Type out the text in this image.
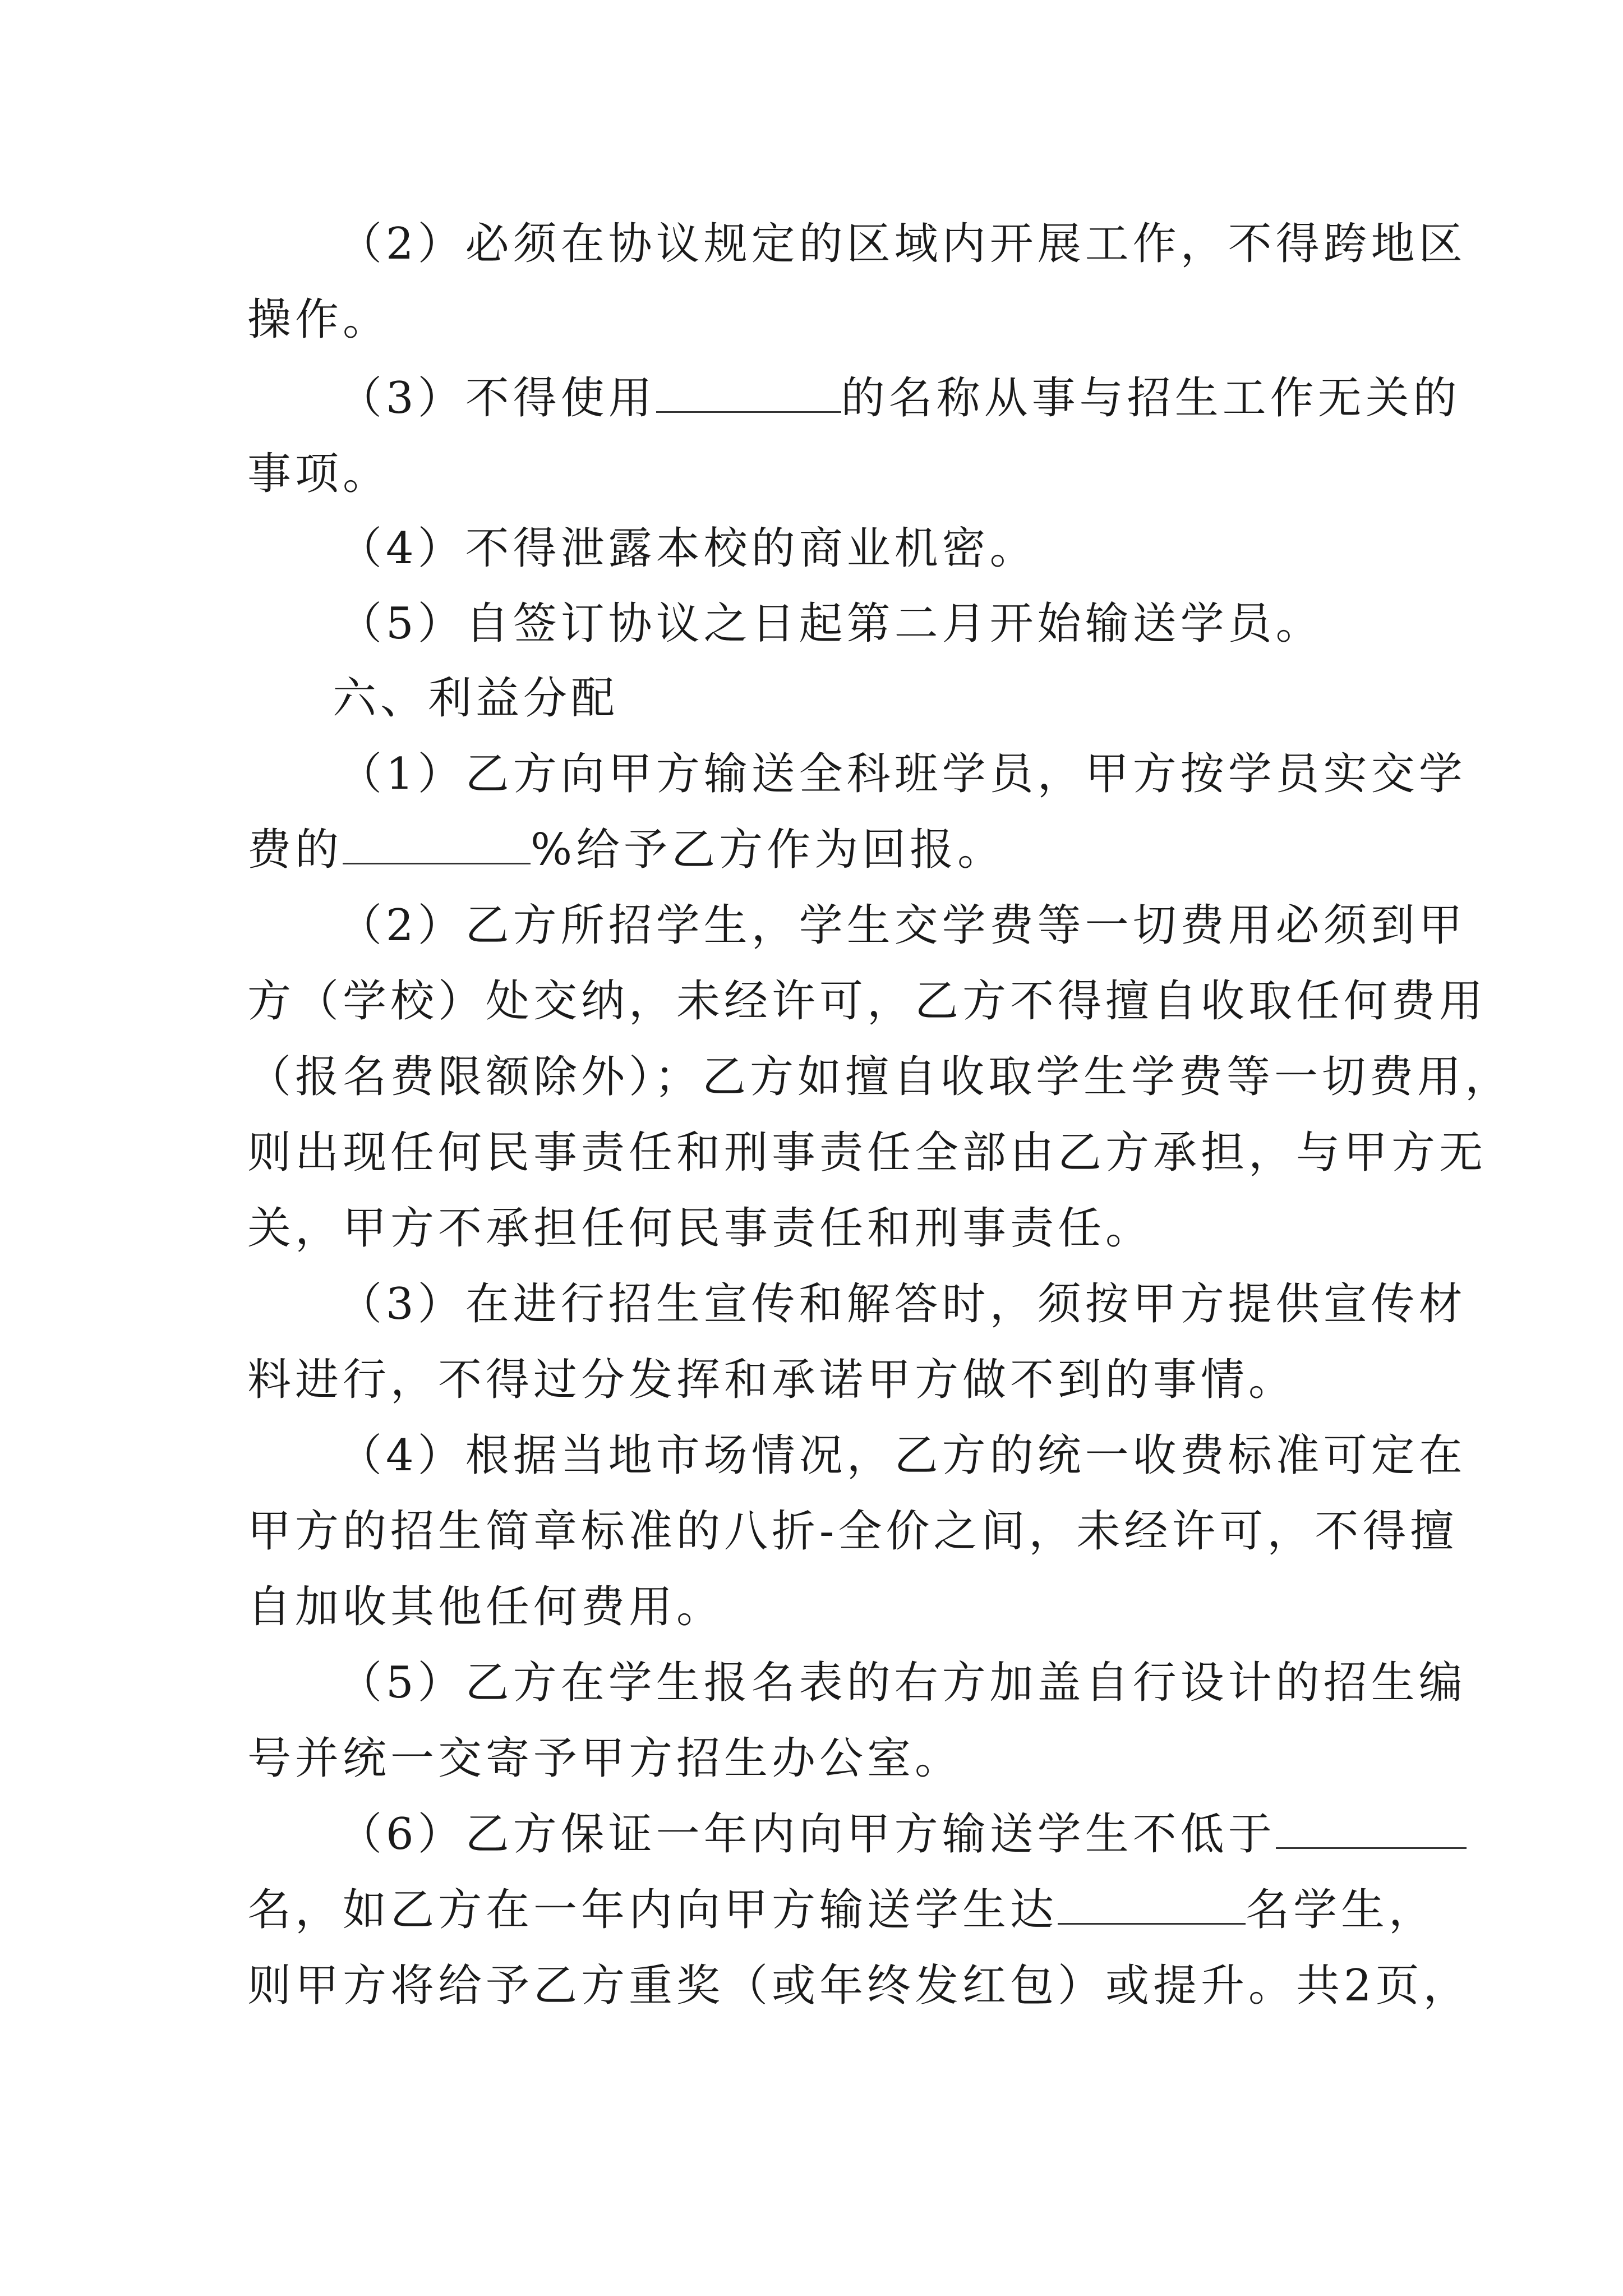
（2）必须在协议规定的区域内开展工作，不得跨地区
操作。
（3）不得使用	的名称从事与招生工作无关的
事项。
（4）不得泄露本校的商业机密。
（5）自签订协议之日起第二月开始输送学员。
六、利益分配
（1）乙方向甲方输送全科班学员，甲方按学员实交学
费的	%给予乙方作为回报。
（2）乙方所招学生，学生交学费等一切费用必须到甲
方（学校）处交纳，未经许可，乙方不得擅自收取任何费用
（报名费限额除外）；乙方如擅自收取学生学费等一切费用，
则出现任何民事责任和刑事责任全部由乙方承担，与甲方无
关，甲方不承担任何民事责任和刑事责任。
（3）在进行招生宣传和解答时，须按甲方提供宣传材
料进行，不得过分发挥和承诺甲方做不到的事情。
（4）根据当地市场情况，乙方的统一收费标准可定在
甲方的招生简章标准的八折-全价之间，未经许可，不得擅
自加收其他任何费用。
（5）乙方在学生报名表的右方加盖自行设计的招生编
号并统一交寄予甲方招生办公室。
（6）乙方保证一年内向甲方输送学生不低于
名，如乙方在一年内向甲方输送学生达	名学生，
则甲方将给予乙方重奖（或年终发红包）或提升。共2页，
